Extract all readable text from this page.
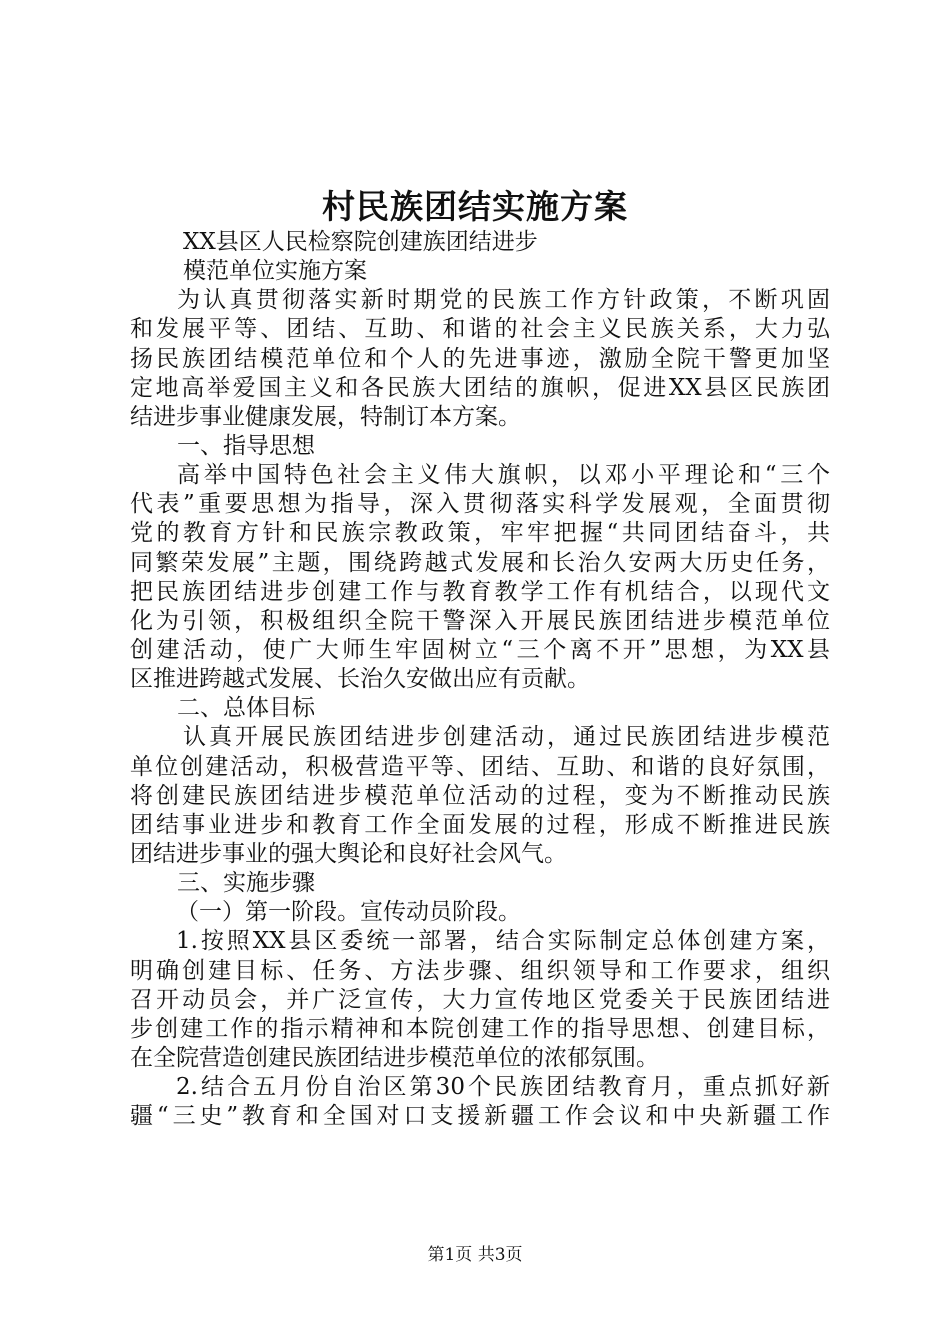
村民族团结实施方案
XX县区人民检察院创建族团结进步
模范单位实施方案
为认真贯彻落实新时期党的民族工作方针政策，不断巩固
和发展平等、团结、互助、和谐的社会主义民族关系，大力弘
扬民族团结模范单位和个人的先进事迹，激励全院干警更加坚
定地高举爱国主义和各民族大团结的旗帜，促进XX县区民族团
结进步事业健康发展，特制订本方案。
一、指导思想
高举中国特色社会主义伟大旗帜，以邓小平理论和“三个
代表”重要思想为指导，深入贯彻落实科学发展观，全面贯彻
党的教育方针和民族宗教政策，牢牢把握“共同团结奋斗，共
同繁荣发展”主题，围绕跨越式发展和长治久安两大历史任务，
把民族团结进步创建工作与教育教学工作有机结合，以现代文
化为引领，积极组织全院干警深入开展民族团结进步模范单位
创建活动，使广大师生牢固树立“三个离不开”思想，为XX县
区推进跨越式发展、长治久安做出应有贡献。
二、总体目标
认真开展民族团结进步创建活动，通过民族团结进步模范
单位创建活动，积极营造平等、团结、互助、和谐的良好氛围，
将创建民族团结进步模范单位活动的过程，变为不断推动民族
团结事业进步和教育工作全面发展的过程，形成不断推进民族
团结进步事业的强大舆论和良好社会风气。
三、实施步骤
（一）第一阶段。宣传动员阶段。
1.按照XX县区委统一部署，结合实际制定总体创建方案，
明确创建目标、任务、方法步骤、组织领导和工作要求，组织
召开动员会，并广泛宣传，大力宣传地区党委关于民族团结进
步创建工作的指示精神和本院创建工作的指导思想、创建目标，
在全院营造创建民族团结进步模范单位的浓郁氛围。
2.结合五月份自治区第30个民族团结教育月，重点抓好新
疆“三史”教育和全国对口支援新疆工作会议和中央新疆工作
第1页 共3页
